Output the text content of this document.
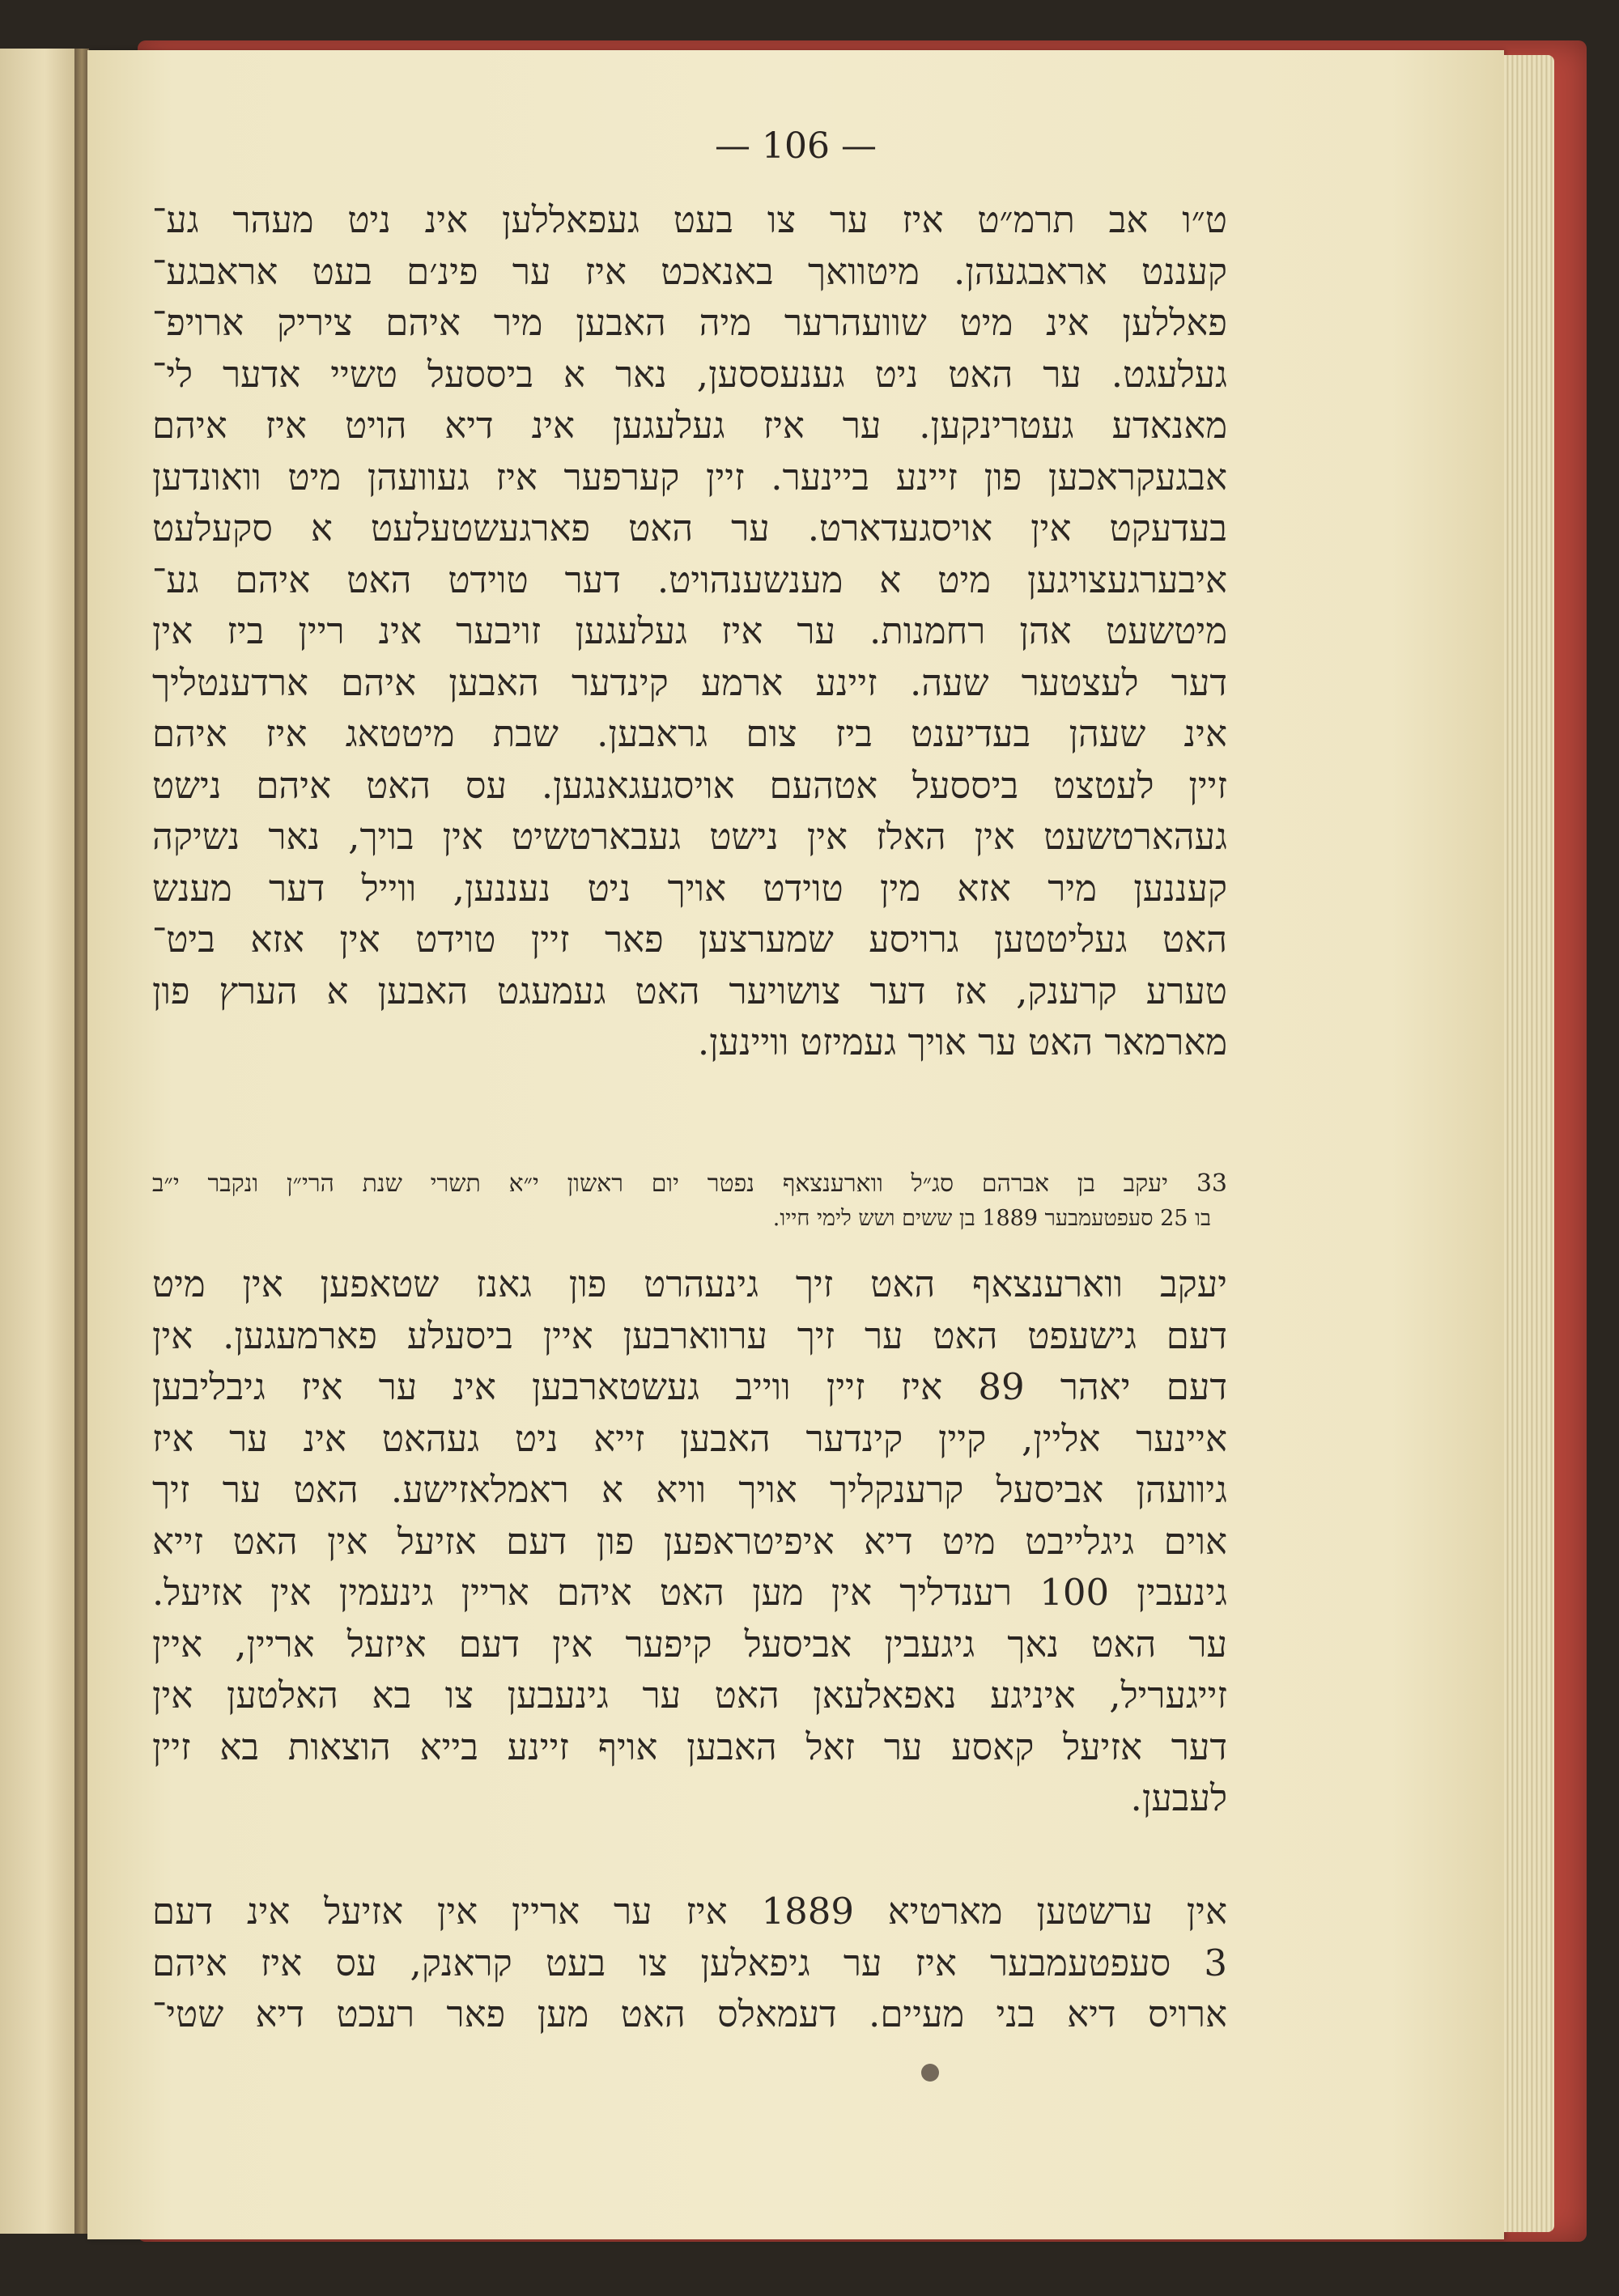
— 106 —
ט״ו אב תרמ״ט איז ער צו בעט געפאללען אינ ניט מעהר גע־
קעננט אראבגעהן. מיטוואך באנאכט איז ער פינ׳ם בעט אראבגע־
פאללען אינ מיט שוועהרער מיה האבען מיר איהם ציריק ארויפ־
געלעגט. ער האט ניט גענעססען, נאר א ביססעל טשיי אדער לי־
מאנאדע געטרינקען. ער איז געלעגען אינ דיא הויט איז איהם
אבגעקראכען פון זיינע ביינער. זיין קערפער איז געוועהן מיט וואונדען
בעדעקט אין אויסגעדארט. ער האט פארגעשטעלעט א סקעלעט
איבערגעצויגען מיט א מענשענהויט. דער טוידט האט איהם גע־
מיטשעט אהן רחמנות. ער איז געלעגען זויבער אינ ריין ביז אין
דער לעצטער שעה. זיינע ארמע קינדער האבען איהם ארדענטליך
אינ שעהן בעדיענט ביז צום גראבען. שבת מיטטאג איז איהם
זיין לעטצט ביססעל אטהעם אויסגעגאנגען. עס האט איהם נישט
געהארטשעט אין האלז אין נישט געבארטשיט אין בויך, נאר נשיקה
קעננען מיר אזא מין טוידט אויך ניט נעננען, ווייל דער מענש
האט געליטטען גרויסע שמערצען פאר זיין טוידט אין אזא ביט־
טערע קרענק, אז דער צושויער האט געמעגט האבען א הערץ פון
מארמאר האט ער אויך געמיזט וויינען.
33 יעקב בן אברהם סג״ל ווארענצאף נפטר יום ראשון י״א תשרי שנת הרי״ן ונקבר י״ב
בו 25 סעפטעמבער 1889 בן ששים ושש לימי חייו.
יעקב ווארענצאף האט זיך גינעהרט פון גאנז שטאפען אין מיט
דעם גישעפט האט ער זיך ערווארבען איין ביסעלע פארמעגען. אין
דעם יאהר 89 איז זיין ווייב געשטארבען אינ ער איז גיבליבען
איינער אליין, קיין קינדער האבען זייא ניט געהאט אינ ער איז
גיוועהן אביסעל קרענקליך אויך וויא א ראמלאזישע. האט ער זיך
אוים גיגלייבט מיט דיא איפיטראפען פון דעם אזיעל אין האט זייא
גינעבין 100 רענדליך אין מען האט איהם אריין גינעמין אין אזיעל.
ער האט נאך גיגעבין אביסעל קיפער אין דעם איזעל אריין, איין
זייגעריל, איניגע נאפאלעאן האט ער גינעבען צו בא האלטען אין
דער אזיעל קאסע ער זאל האבען אויף זיינע בייא הוצאות בא זיין
לעבען.
אין ערשטען מארטיא 1889 איז ער אריין אין אזיעל אינ דעם
3 סעפטעמבער איז ער גיפאלען צו בעט קראנק, עס איז איהם
ארויס דיא בני מעיים. דעמאלס האט מען פאר רעכט דיא שטי־
